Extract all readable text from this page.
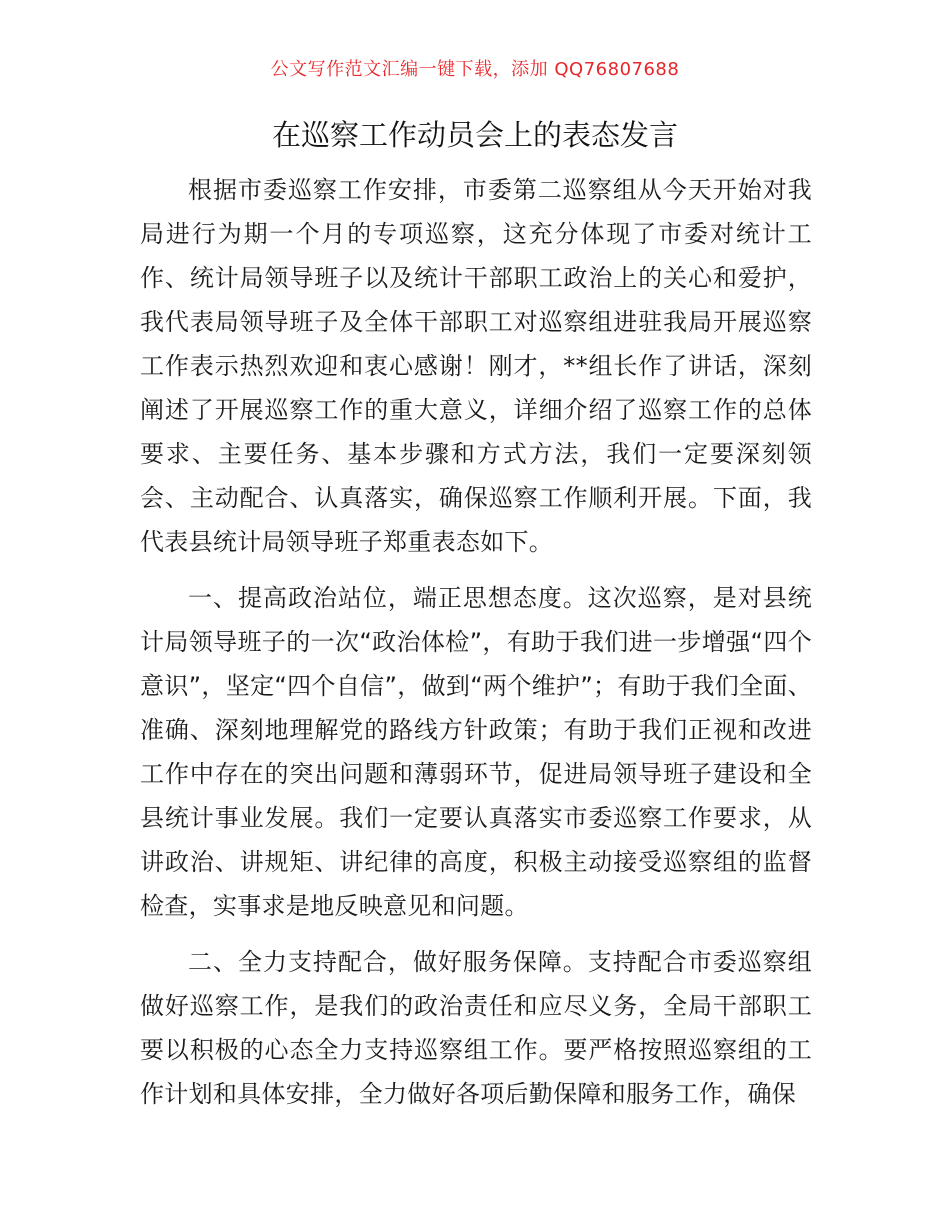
公文写作范文汇编一键下载，添加 QQ76807688
在巡察工作动员会上的表态发言

根据市委巡察工作安排，市委第二巡察组从今天开始对我局进行为期一个月的专项巡察，这充分体现了市委对统计工作、统计局领导班子以及统计干部职工政治上的关心和爱护，我代表局领导班子及全体干部职工对巡察组进驻我局开展巡察工作表示热烈欢迎和衷心感谢！刚才，**组长作了讲话，深刻阐述了开展巡察工作的重大意义，详细介绍了巡察工作的总体要求、主要任务、基本步骤和方式方法，我们一定要深刻领会、主动配合、认真落实，确保巡察工作顺利开展。下面，我代表县统计局领导班子郑重表态如下。

一、提高政治站位，端正思想态度。这次巡察，是对县统计局领导班子的一次“政治体检”，有助于我们进一步增强“四个意识”，坚定“四个自信”，做到“两个维护”；有助于我们全面、准确、深刻地理解党的路线方针政策；有助于我们正视和改进工作中存在的突出问题和薄弱环节，促进局领导班子建设和全县统计事业发展。我们一定要认真落实市委巡察工作要求，从讲政治、讲规矩、讲纪律的高度，积极主动接受巡察组的监督检查，实事求是地反映意见和问题。

二、全力支持配合，做好服务保障。支持配合市委巡察组做好巡察工作，是我们的政治责任和应尽义务，全局干部职工要以积极的心态全力支持巡察组工作。要严格按照巡察组的工作计划和具体安排，全力做好各项后勤保障和服务工作，确保
